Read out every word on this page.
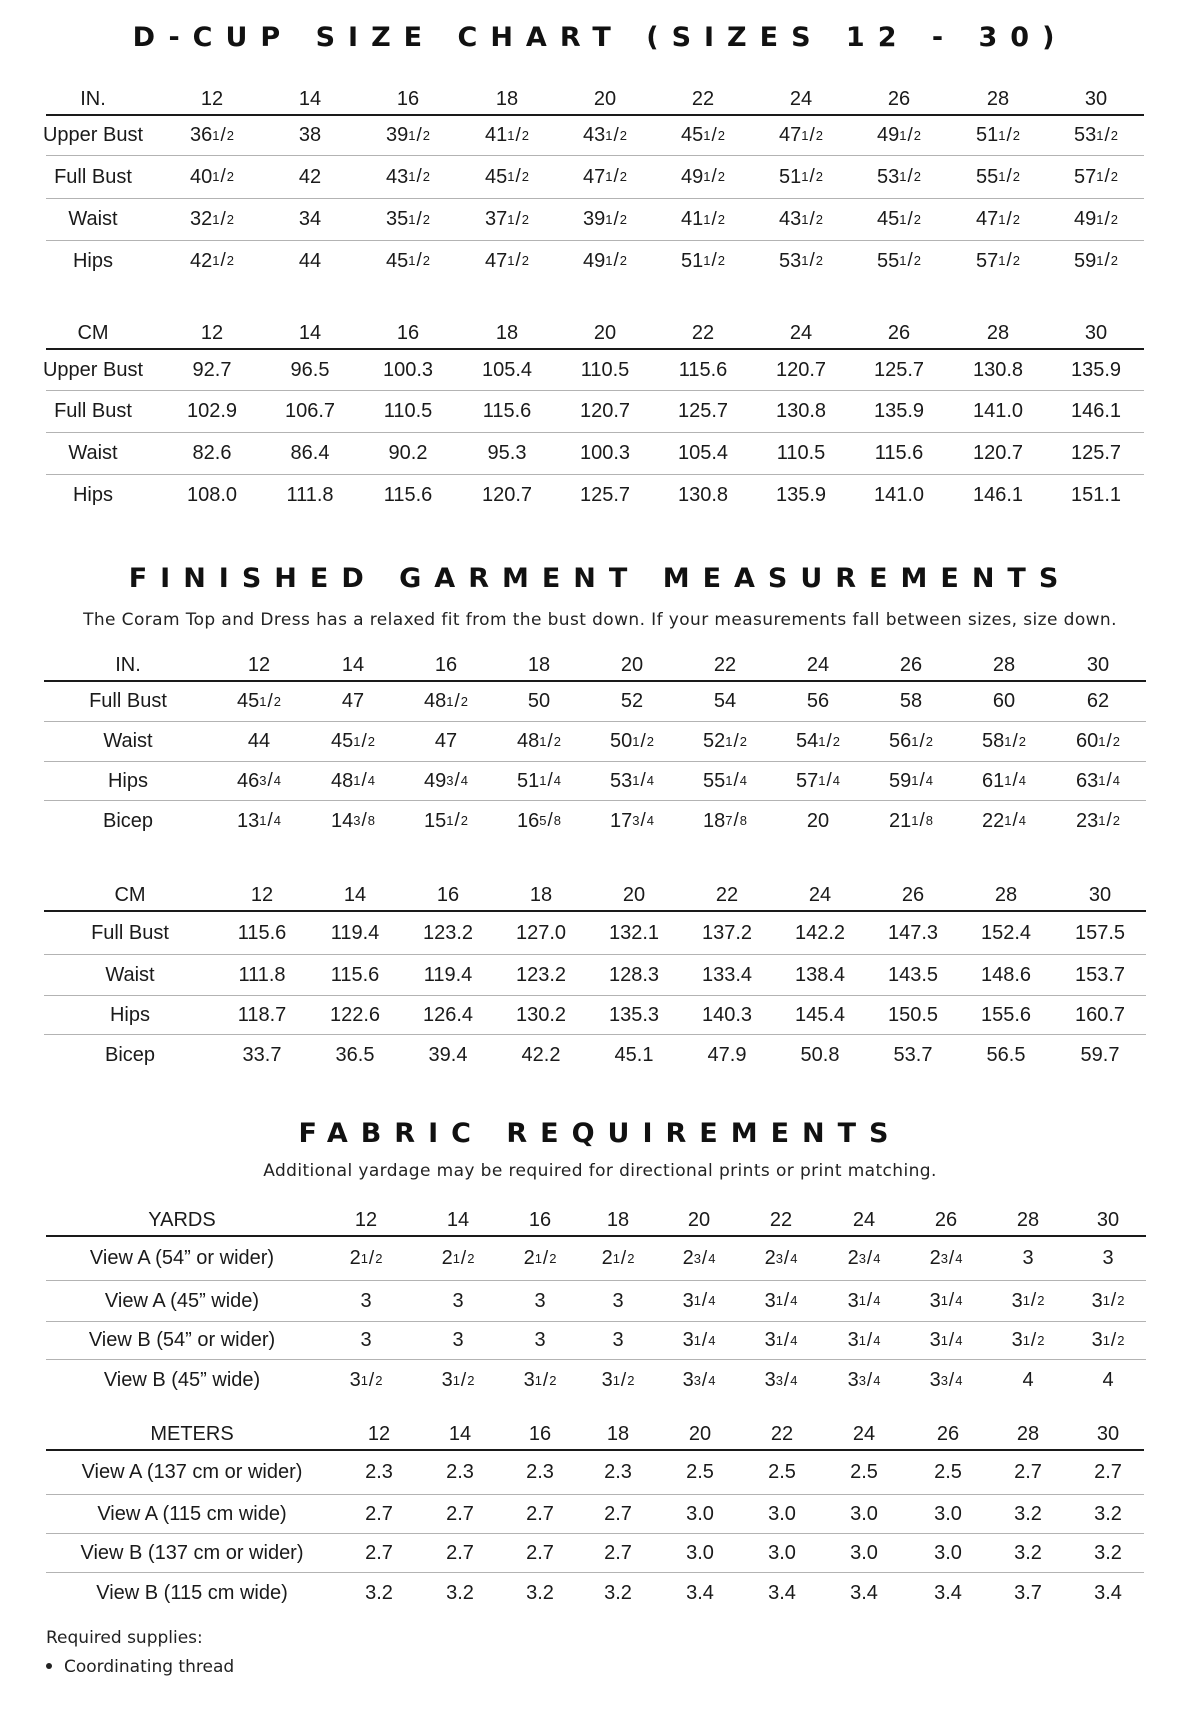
D-CUP SIZE CHART (SIZES 12 - 30)
IN.	12	14	16	18	20	22	24	26	28	30
Upper Bust	36 1 / 2	38	39 1 / 2	41 1 / 2	43 1 / 2	45 1 / 2	47 1 / 2	49 1 / 2	51 1 / 2	53 1 / 2
Full Bust	40 1 / 2	42	43 1 / 2	45 1 / 2	47 1 / 2	49 1 / 2	51 1 / 2	53 1 / 2	55 1 / 2	57 1 / 2
Waist	32 1 / 2	34	35 1 / 2	37 1 / 2	39 1 / 2	41 1 / 2	43 1 / 2	45 1 / 2	47 1 / 2	49 1 / 2
Hips	42 1 / 2	44	45 1 / 2	47 1 / 2	49 1 / 2	51 1 / 2	53 1 / 2	55 1 / 2	57 1 / 2	59 1 / 2
CM	12	14	16	18	20	22	24	26	28	30
Upper Bust	92.7	96.5	100.3	105.4	110.5	115.6	120.7	125.7	130.8	135.9
Full Bust	102.9	106.7	110.5	115.6	120.7	125.7	130.8	135.9	141.0	146.1
Waist	82.6	86.4	90.2	95.3	100.3	105.4	110.5	115.6	120.7	125.7
Hips	108.0	111.8	115.6	120.7	125.7	130.8	135.9	141.0	146.1	151.1
FINISHED GARMENT MEASUREMENTS
The Coram Top and Dress has a relaxed fit from the bust down. If your measurements fall between sizes, size down.
IN.	12	14	16	18	20	22	24	26	28	30
Full Bust	45 1 / 2	47	48 1 / 2	50	52	54	56	58	60	62
Waist	44	45 1 / 2	47	48 1 / 2	50 1 / 2	52 1 / 2	54 1 / 2	56 1 / 2	58 1 / 2	60 1 / 2
Hips	46 3 / 4	48 1 / 4	49 3 / 4	51 1 / 4	53 1 / 4	55 1 / 4	57 1 / 4	59 1 / 4	61 1 / 4	63 1 / 4
Bicep	13 1 / 4	14 3 / 8	15 1 / 2	16 5 / 8	17 3 / 4	18 7 / 8	20	21 1 / 8	22 1 / 4	23 1 / 2
CM	12	14	16	18	20	22	24	26	28	30
Full Bust	115.6	119.4	123.2	127.0	132.1	137.2	142.2	147.3	152.4	157.5
Waist	111.8	115.6	119.4	123.2	128.3	133.4	138.4	143.5	148.6	153.7
Hips	118.7	122.6	126.4	130.2	135.3	140.3	145.4	150.5	155.6	160.7
Bicep	33.7	36.5	39.4	42.2	45.1	47.9	50.8	53.7	56.5	59.7
FABRIC REQUIREMENTS
Additional yardage may be required for directional prints or print matching.
YARDS	12	14	16	18	20	22	24	26	28	30
View A (54” or wider)	2 1 / 2	2 1 / 2	2 1 / 2	2 1 / 2	2 3 / 4	2 3 / 4	2 3 / 4	2 3 / 4	3	3
View A (45” wide)	3	3	3	3	3 1 / 4	3 1 / 4	3 1 / 4	3 1 / 4	3 1 / 2	3 1 / 2
View B (54” or wider)	3	3	3	3	3 1 / 4	3 1 / 4	3 1 / 4	3 1 / 4	3 1 / 2	3 1 / 2
View B (45” wide)	3 1 / 2	3 1 / 2	3 1 / 2	3 1 / 2	3 3 / 4	3 3 / 4	3 3 / 4	3 3 / 4	4	4
METERS	12	14	16	18	20	22	24	26	28	30
View A (137 cm or wider)	2.3	2.3	2.3	2.3	2.5	2.5	2.5	2.5	2.7	2.7
View A (115 cm wide)	2.7	2.7	2.7	2.7	3.0	3.0	3.0	3.0	3.2	3.2
View B (137 cm or wider)	2.7	2.7	2.7	2.7	3.0	3.0	3.0	3.0	3.2	3.2
View B (115 cm wide)	3.2	3.2	3.2	3.2	3.4	3.4	3.4	3.4	3.7	3.4
Required supplies:
Coordinating thread
